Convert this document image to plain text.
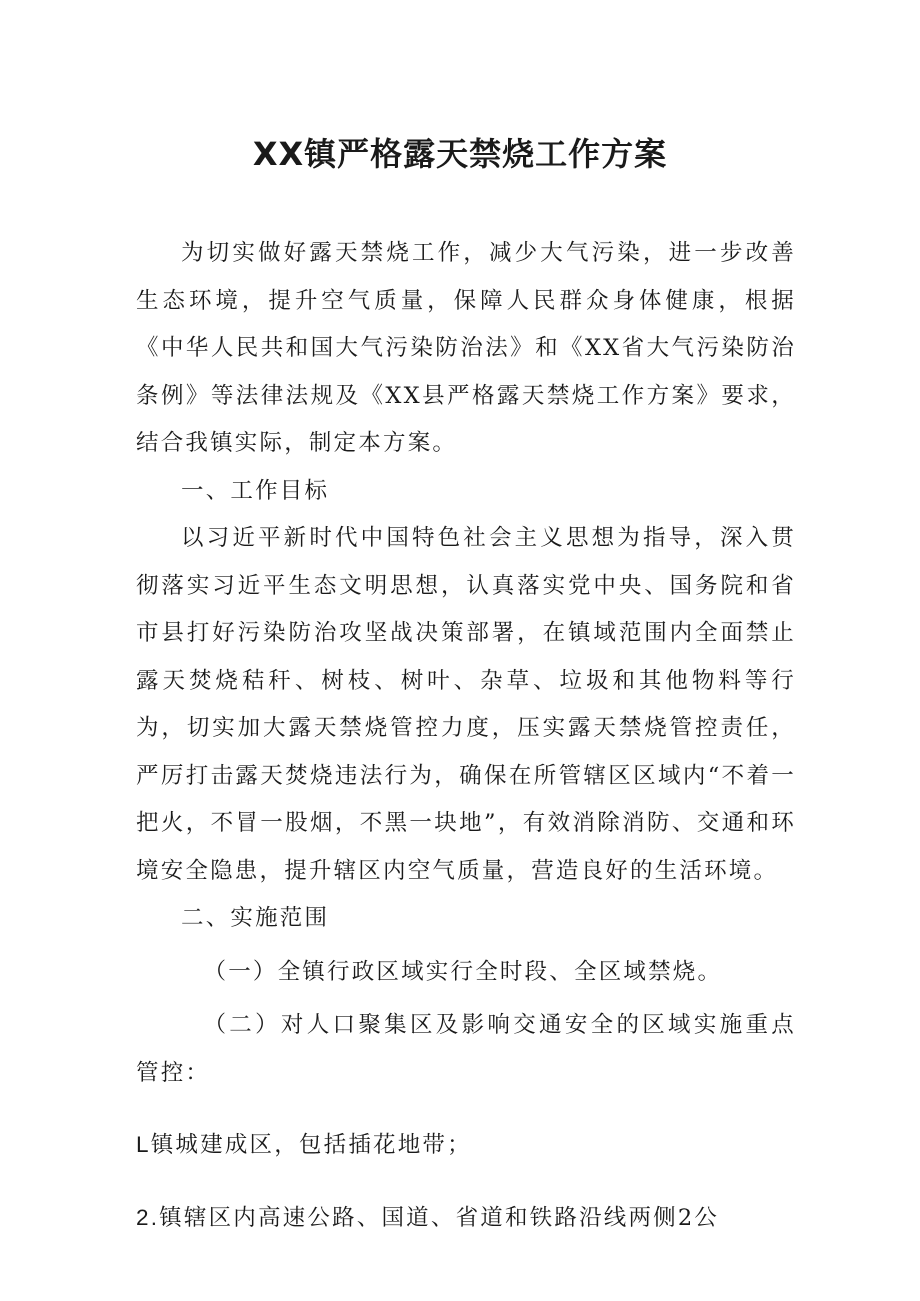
XX镇严格露天禁烧工作方案

为切实做好露天禁烧工作，减少大气污染，进一步改善生态环境，提升空气质量，保障人民群众身体健康，根据《中华人民共和国大气污染防治法》和《XX省大气污染防治条例》等法律法规及《XX县严格露天禁烧工作方案》要求，结合我镇实际，制定本方案。

一、工作目标

以习近平新时代中国特色社会主义思想为指导，深入贯彻落实习近平生态文明思想，认真落实党中央、国务院和省市县打好污染防治攻坚战决策部署，在镇域范围内全面禁止露天焚烧秸秆、树枝、树叶、杂草、垃圾和其他物料等行为，切实加大露天禁烧管控力度，压实露天禁烧管控责任，严厉打击露天焚烧违法行为，确保在所管辖区区域内“不着一把火，不冒一股烟，不黑一块地”，有效消除消防、交通和环境安全隐患，提升辖区内空气质量，营造良好的生活环境。

二、实施范围

（一）全镇行政区域实行全时段、全区域禁烧。

（二）对人口聚集区及影响交通安全的区域实施重点管控：

L镇城建成区，包括插花地带；

2.镇辖区内高速公路、国道、省道和铁路沿线两侧2公
